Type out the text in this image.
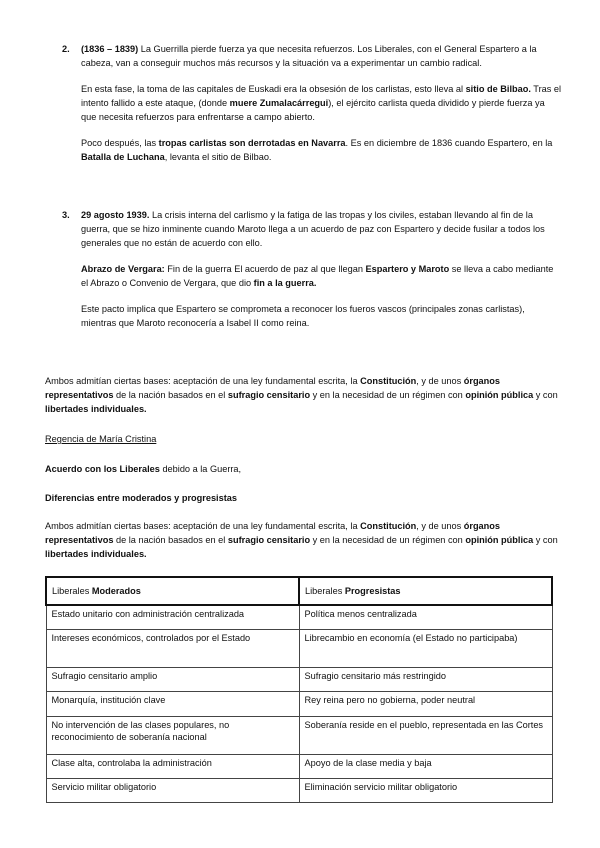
2. (1836 – 1839) La Guerrilla pierde fuerza ya que necesita refuerzos. Los Liberales, con el General Espartero a la cabeza, van a conseguir muchos más recursos y la situación va a experimentar un cambio radical.

En esta fase, la toma de las capitales de Euskadi era la obsesión de los carlistas, esto lleva al sitio de Bilbao. Tras el intento fallido a este ataque, (donde muere Zumalacárregui), el ejército carlista queda dividido y pierde fuerza ya que necesita refuerzos para enfrentarse a campo abierto.

Poco después, las tropas carlistas son derrotadas en Navarra. Es en diciembre de 1836 cuando Espartero, en la Batalla de Luchana, levanta el sitio de Bilbao.

3. 29 agosto 1939. La crisis interna del carlismo y la fatiga de las tropas y los civiles, estaban llevando al fin de la guerra, que se hizo inminente cuando Maroto llega a un acuerdo de paz con Espartero y decide fusilar a todos los generales que no están de acuerdo con ello.

Abrazo de Vergara: Fin de la guerra El acuerdo de paz al que llegan Espartero y Maroto se lleva a cabo mediante el Abrazo o Convenio de Vergara, que dio fin a la guerra.

Este pacto implica que Espartero se comprometa a reconocer los fueros vascos (principales zonas carlistas), mientras que Maroto reconocería a Isabel II como reina.

Ambos admitían ciertas bases: aceptación de una ley fundamental escrita, la Constitución, y de unos órganos representativos de la nación basados en el sufragio censitario y en la necesidad de un régimen con opinión pública y con libertades individuales.

Regencia de María Cristina

Acuerdo con los Liberales debido a la Guerra,

Diferencias entre moderados y progresistas

Ambos admitían ciertas bases: aceptación de una ley fundamental escrita, la Constitución, y de unos órganos representativos de la nación basados en el sufragio censitario y en la necesidad de un régimen con opinión pública y con libertades individuales.

Liberales Moderados	Liberales Progresistas
Estado unitario con administración centralizada	Política menos centralizada
Intereses económicos, controlados por el Estado	Librecambio en economía (el Estado no participaba)
Sufragio censitario amplio	Sufragio censitario más restringido
Monarquía, institución clave	Rey reina pero no gobierna, poder neutral
No intervención de las clases populares, no reconocimiento de soberanía nacional	Soberanía reside en el pueblo, representada en las Cortes
Clase alta, controlaba la administración	Apoyo de la clase media y baja
Servicio militar obligatorio	Eliminación servicio militar obligatorio
